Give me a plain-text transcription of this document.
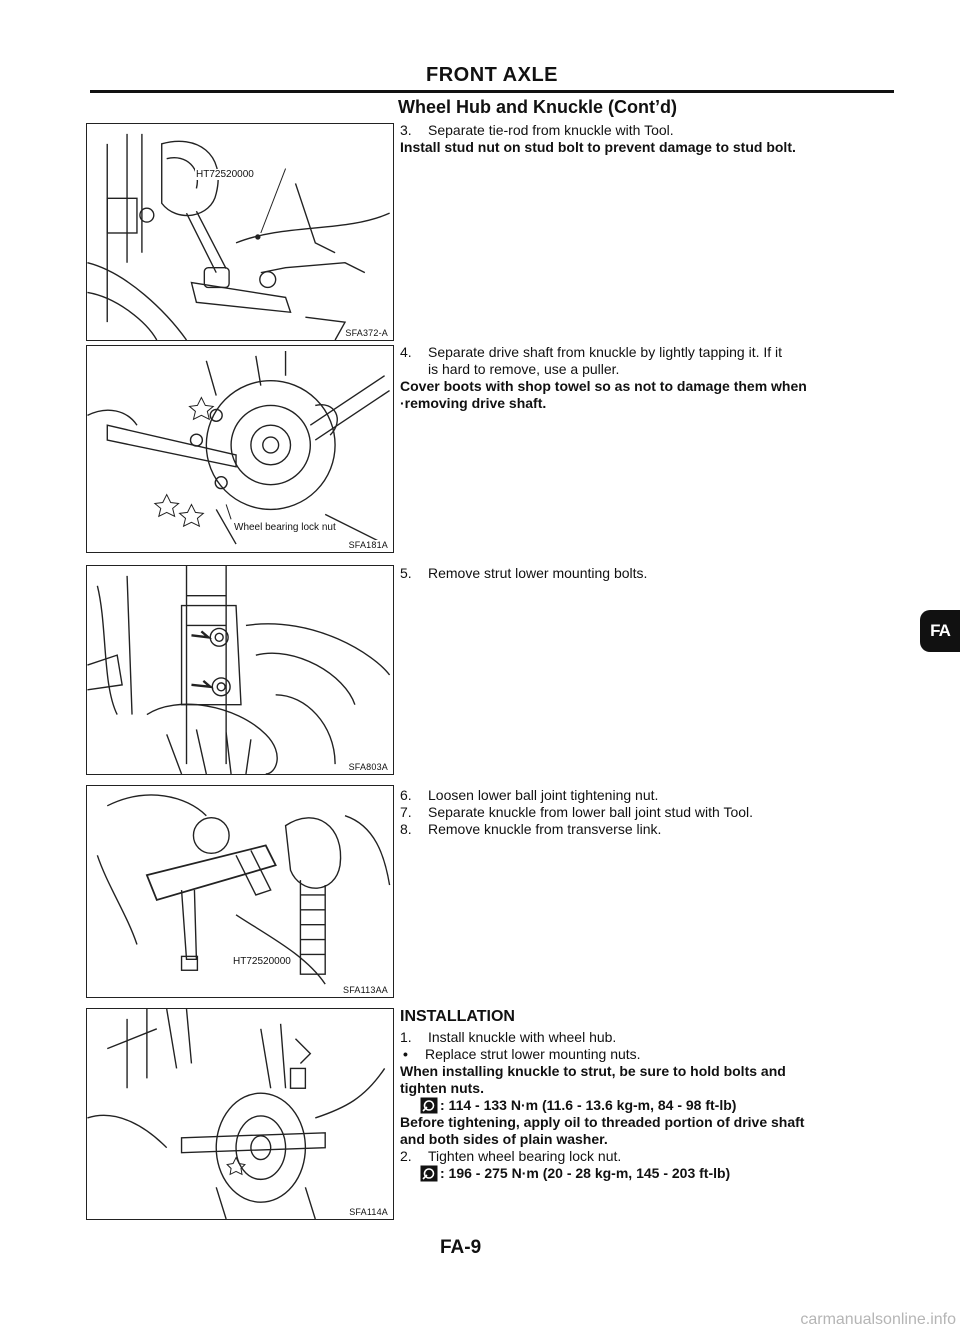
FRONT AXLE
Wheel Hub and Knuckle (Cont’d)
HT72520000
SFA372-A
Wheel bearing lock nut
SFA181A
SFA803A
HT72520000
SFA113AA
SFA114A

3. Separate tie-rod from knuckle with Tool.

Install stud nut on stud bolt to prevent damage to stud bolt.

4. Separate drive shaft from knuckle by lightly tapping it. If it
is hard to remove, use a puller.

Cover boots with shop towel so as not to damage them when

·removing drive shaft.

5. Remove strut lower mounting bolts.

6. Loosen lower ball joint tightening nut.

7. Separate knuckle from lower ball joint stud with Tool.

8. Remove knuckle from transverse link.

INSTALLATION

1. Install knuckle with wheel hub.

• Replace strut lower mounting nuts.

When installing knuckle to strut, be sure to hold bolts and

tighten nuts.

: 114 - 133 N·m (11.6 - 13.6 kg-m, 84 - 98 ft-lb)

Before tightening, apply oil to threaded portion of drive shaft

and both sides of plain washer.

2. Tighten wheel bearing lock nut.

: 196 - 275 N·m (20 - 28 kg-m, 145 - 203 ft-lb)

FA
FA-9
carmanualsonline.info
